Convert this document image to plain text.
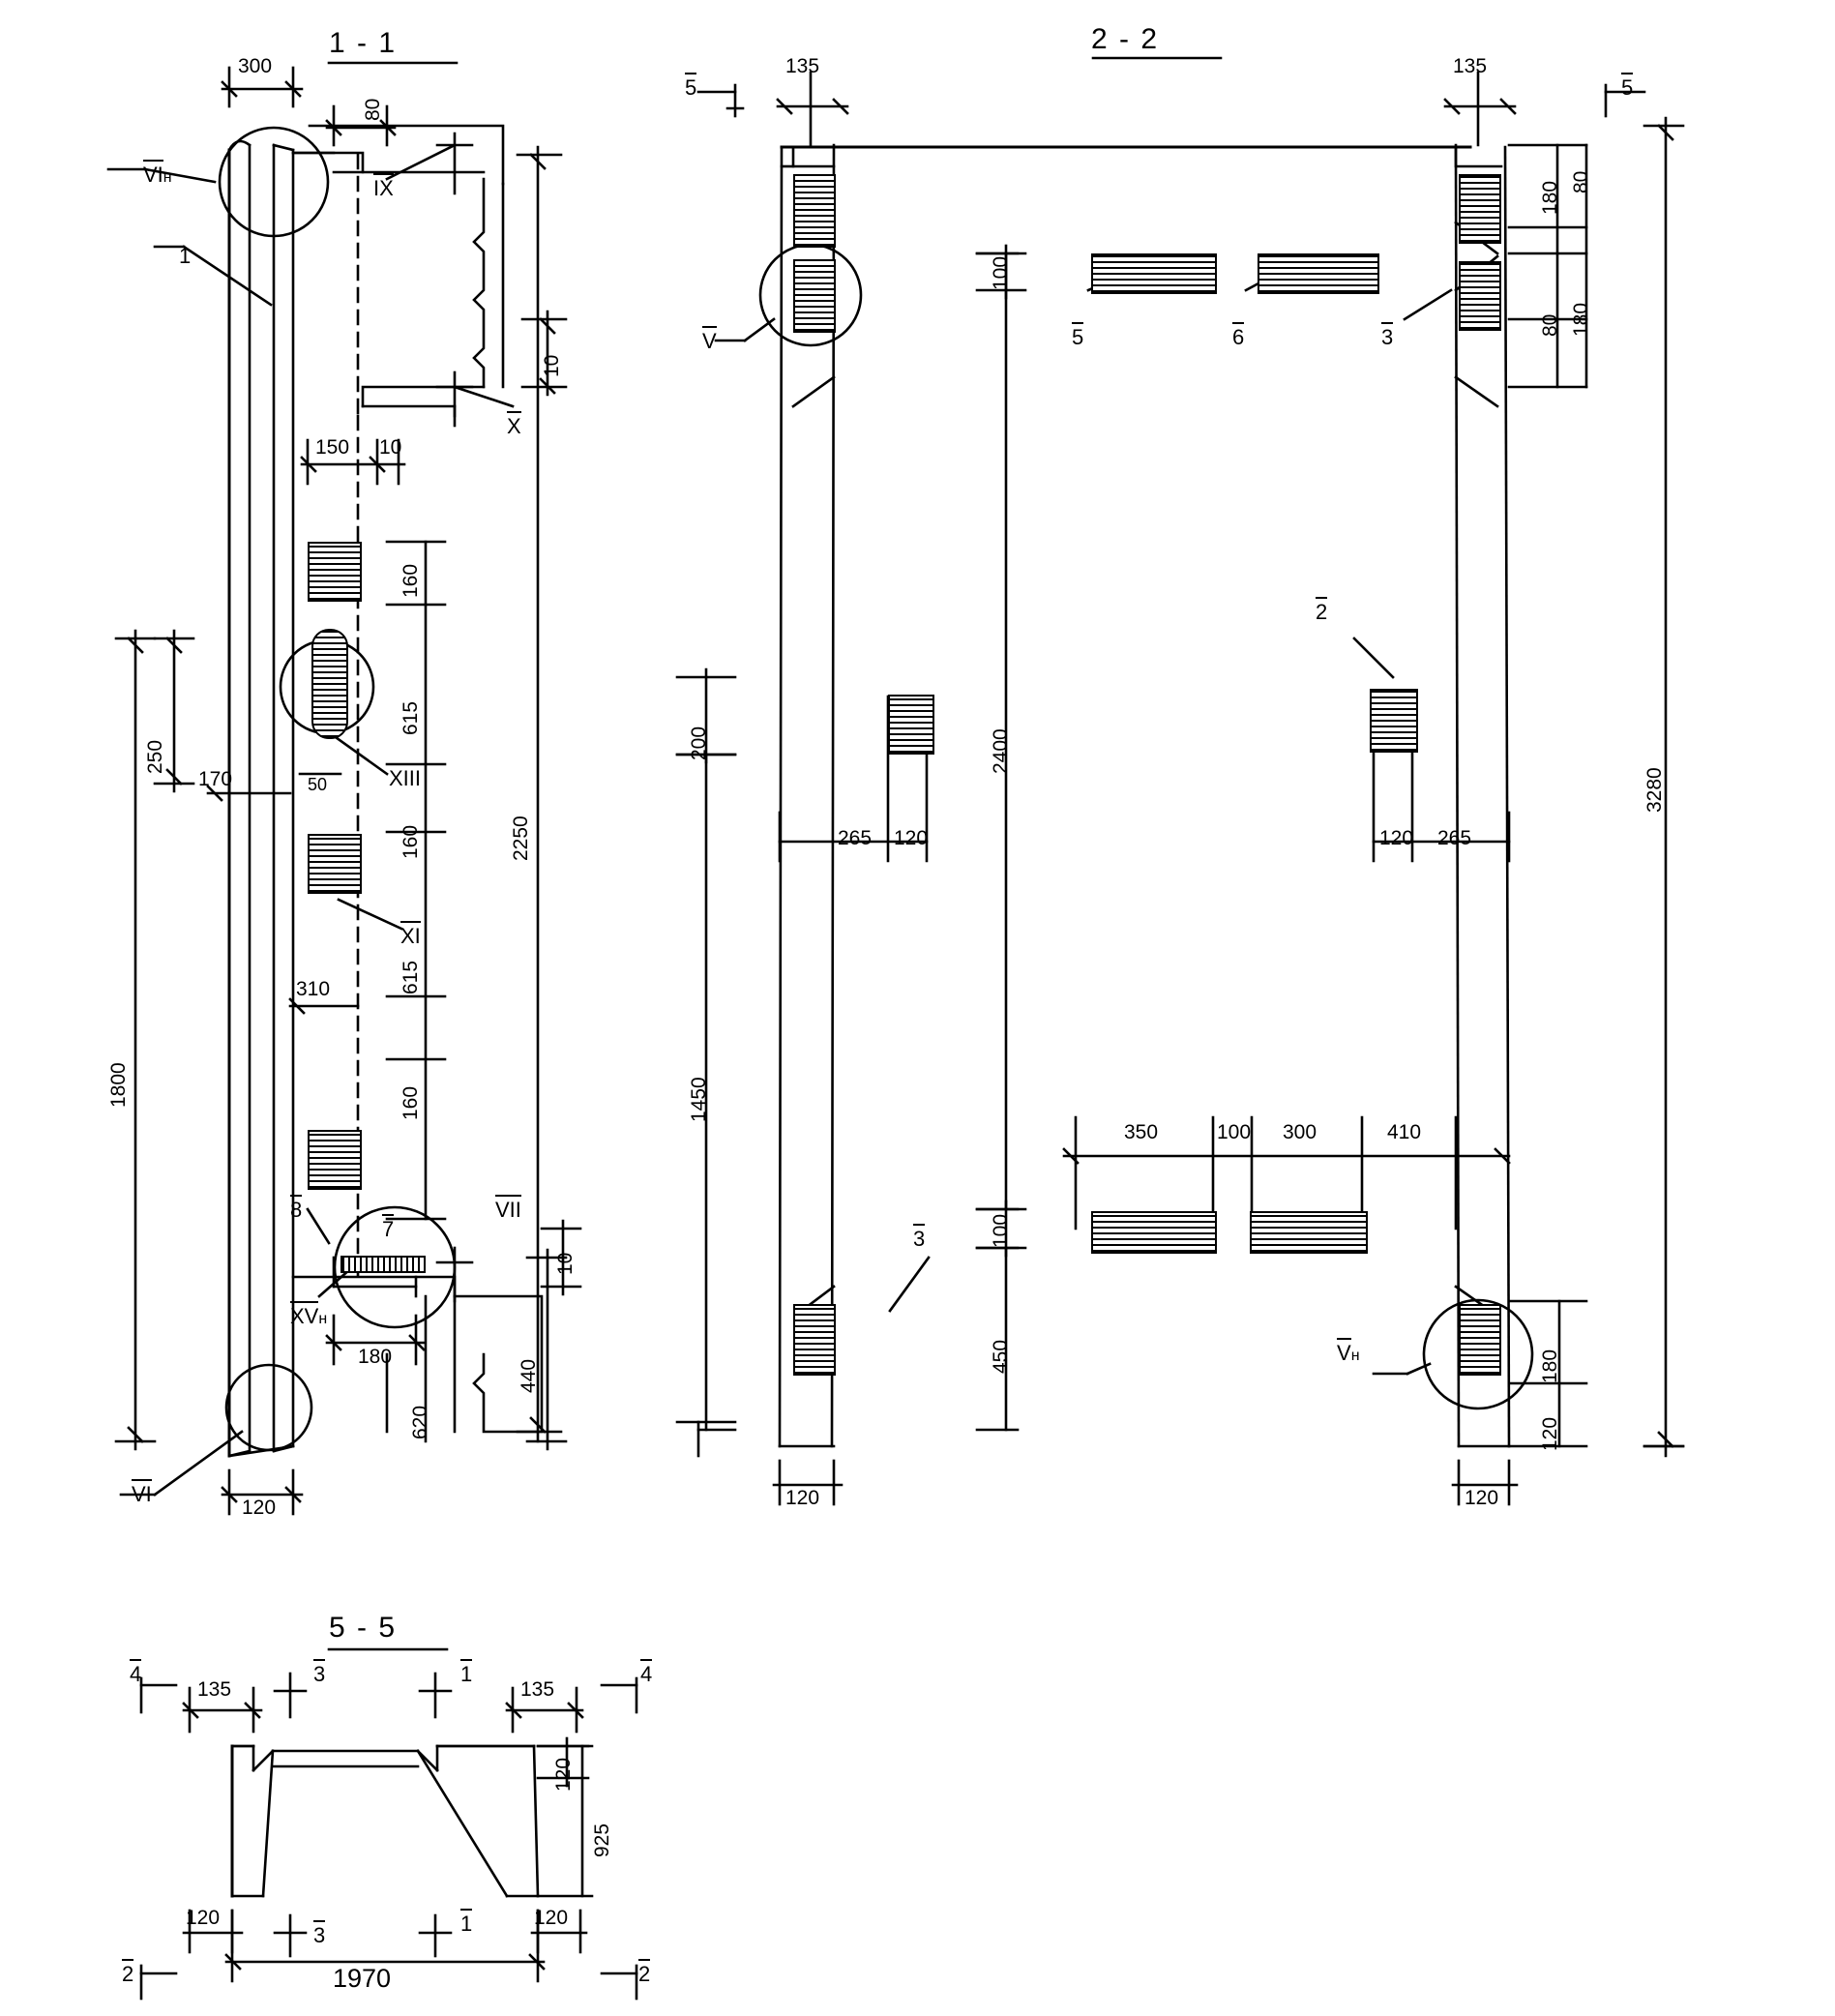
1 - 1	2 - 2
5 - 5
300
80
10
150 10
250
170	50
310
1800
2250
160
615
160
615
160
180
620
440
10
120
VIн
1
IX
X
XIII
XI
8
7
VII
XVн
VI
135	135
180 80
80 180
180
3280
100
200	2400
1450
265 120	120 265
350	100 300	410
100
450
120
120	120
5	5
V	5	6	3
2
3
Vн
135	135
120
925
120	120
1970
4	4
3	1
3	1
2	2
